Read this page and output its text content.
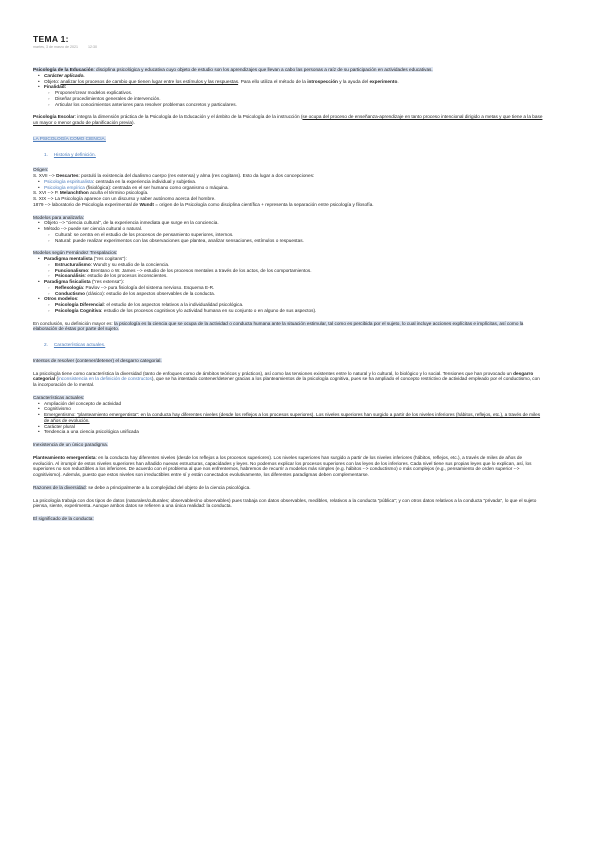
TEMA 1:
martes, 3 de marzo de 2021	12:30

Psicología de la Educación: disciplina psicológica y educativa cuyo objeto de estudio son los aprendizajes que llevan a cabo las personas a raíz de su participación en actividades educativas.

• Carácter aplicado.
• Objeto: analizar los procesos de cambio que tienen lugar entre los estímulos y las respuestas. Para ello utiliza el método de la introspección y la ayuda del experimento.
• Finalidad:
◦ Proponer/crear modelos explicativos.
◦ Diseñar procedimientos generales de intervención.
◦ Articular los conocimientos anteriores para resolver problemas concretos y particulares.

Psicología Escolar: integra la dimensión práctica de la Psicología de la Educación y el ámbito de la Psicología de la instrucción (se ocupa del proceso de enseñanza-aprendizaje en tanto proceso intencional dirigido a metas y que tiene a la base un mayor o menor grado de planificación previa).

LA PSICOLOGÍA COMO CIENCIA.

1. Historia y definición.

Origen:

S. XVII --> Descartes: postuló la existencia del dualismo cuerpo (res extensa) y alma (res cogitans). Esto da lugar a dos concepciones:

• Psicología espiritualista: centrada en la experiencia individual y subjetiva.
• Psicología empírica (fisiológica): centrada en el ser humano como organismo o máquina.

S. XVI --> P. Melanchthon acuña el término psicología.

S. XIX --> La Psicología aparece con un discurso y saber autónomo acerca del hombre.

1879 --> laboratorio de Psicología experimental de Wundt = origen de la Psicología como disciplina científica + representa la separación entre psicología y filosofía.

Modelos para analizarla:

• Objeto --> "ciencia cultural", de la experiencia inmediata que surge en la conciencia.
• Método --> puede ser ciencia cultural o natural.
◦ Cultural: se centra en el estudio de los procesos de pensamiento superiores, internos.
◦ Natural: puede realizar experimentos con las observaciones que plantea, analizar sensaciones, estímulos o respuestas.

Modelos según Fernández Trespalacios:

• Paradigma mentalista ("res cogitans"):
◦ Estructuralismo: Wundt y su estudio de la conciencia.
◦ Funcionalismo: Brentano o W. James --> estudio de los procesos mentales a través de los actos, de los comportamientos.
◦ Psicoanálisis: estudio de los procesos inconscientes.
• Paradigma fisicalista ("res extensa"):
◦ Reflexología: Pavlov --> pura fisiología del sistema nervioso. Esquema E-R.
◦ Conductismo (clásico): estudio de los aspectos observables de la conducta.
• Otros modelos:
◦ Psicología Diferencial: el estudio de los aspectos relativos a la individualidad psicológica.
◦ Psicología Cognitiva: estudio de los procesos cognitivos y/o actividad humana en su conjunto o en alguno de sus aspectos).

En conclusión, su definición mayor es: la psicología es la ciencia que se ocupa de la actividad o conducta humana ante la situación estimular, tal como es percibida por el sujeto, lo cual incluye acciones explícitas e implícitas, así como la elaboración de éstas por parte del sujeto.

2. Características actuales.

Intentos de resolver (contener/detener) el desgarro categorial.

La psicología tiene como característica la diversidad (tanto de enfoques como de ámbitos teóricos y prácticos), así como las tensiones existentes entre lo natural y lo cultural, lo biológico y lo social. Tensiones que han provocado un desgarro categorial (inconsistencia en la definición de constructos), que se ha intentado contener/detener gracias a los planteamientos de la psicología cognitiva, pues se ha ampliado el concepto restrictivo de actividad empleado por el conductismo, con la incorporación de lo mental.

Características actuales:

• Ampliación del concepto de actividad
• Cognitivismo
• Emergentismo: "planteamiento emergentista": en la conducta hay diferentes niveles (desde los reflejos a los procesos superiores). Los niveles superiores han surgido a partir de los niveles inferiores (hábitos, reflejos, etc.), a través de miles de años de evolución.
• Carácter plural
• Tendencia a una ciencia psicológica unificada

Inexistencia de un único paradigma.

Planteamiento emergentista: en la conducta hay diferentes niveles (desde los reflejos a los procesos superiores). Los niveles superiores han surgido a partir de los niveles inferiores (hábitos, reflejos, etc.), a través de miles de años de evolución. Al irrumpir de estos niveles superiores han añadido nuevas estructuras, capacidades y leyes. No podemos explicar los procesos superiores con las leyes de los inferiores. Cada nivel tiene sus propias leyes que lo explican, así, los superiores no son reductibles a los inferiores. De acuerdo con el problema al que nos enfrentemos, habremos de recurrir a modelos más simples (e.g. hábitos --> conductismo) o más complejos (e.g., pensamiento de orden superior --> cognitivismo). Además, puesto que estos niveles son irreductibles entre sí y están conectados evolutivamente, los diferentes paradigmas deben complementarse.

Razones de la diversidad: se debe a principalmente a la complejidad del objeto de la ciencia psicológica.

La psicología trabaja con dos tipos de datos (naturales/culturales; observables/no observables) pues trabaja con datos observables, medibles, relativos a la conducta "pública"; y con otros datos relativos a la conducta "privada", lo que el sujeto piensa, siente, experimenta. Aunque ambos datos se refieren a una única realidad: la conducta.

El significado de la conducta:
